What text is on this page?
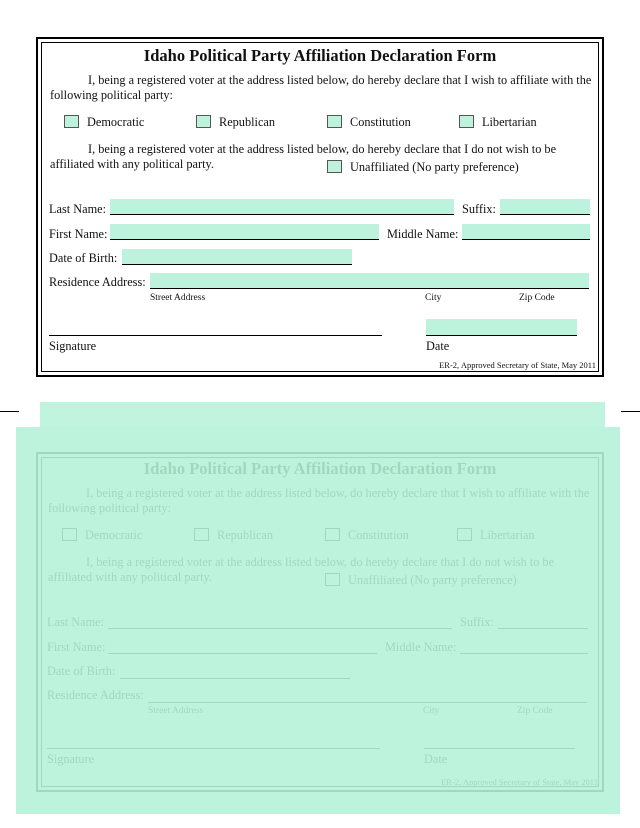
Idaho Political Party Affiliation Declaration Form
I, being a registered voter at the address listed below, do hereby declare that I wish to affiliate with the following political party:
Democratic	Republican	Constitution	Libertarian
I, being a registered voter at the address listed below, do hereby declare that I do not wish to be affiliated with any political party.	Unaffiliated (No party preference)
Last Name:	Suffix:
First Name:	Middle Name:
Date of Birth:
Residence Address:
Street Address	City	Zip Code
Signature	Date
ER-2, Approved Secretary of State, May 2011
Idaho Political Party Affiliation Declaration Form
I, being a registered voter at the address listed below, do hereby declare that I wish to affiliate with the following political party:
Democratic	Republican	Constitution	Libertarian
I, being a registered voter at the address listed below, do hereby declare that I do not wish to be affiliated with any political party.	Unaffiliated (No party preference)
Last Name:	Suffix:
First Name:	Middle Name:
Date of Birth:
Residence Address:
Street Address	City	Zip Code
Signature	Date
ER-2, Approved Secretary of State, May 2011
